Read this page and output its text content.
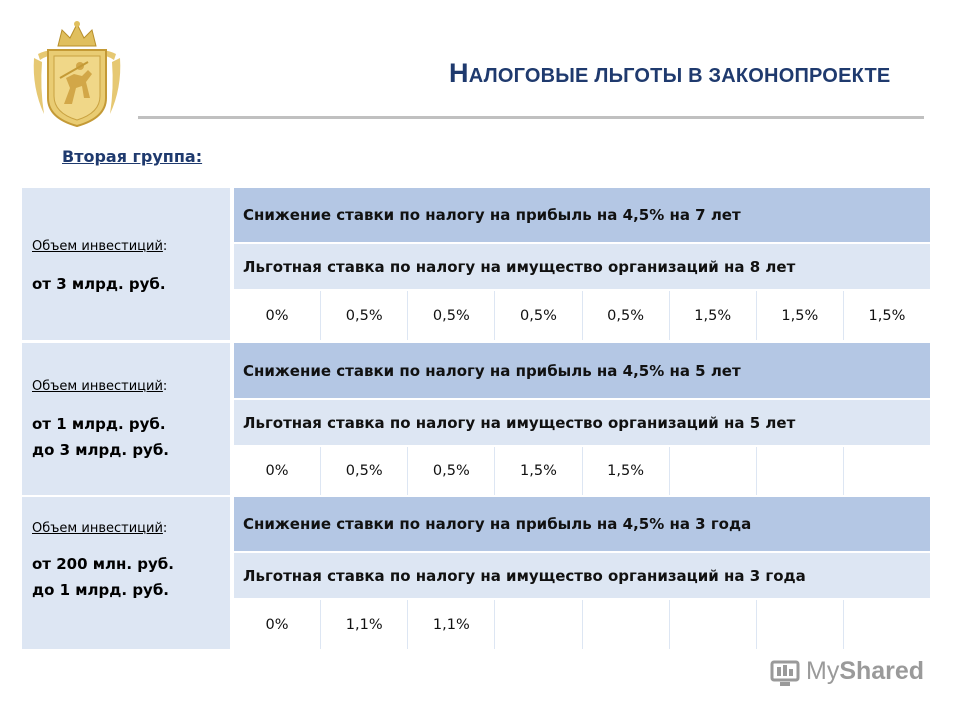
НАЛОГОВЫЕ ЛЬГОТЫ В ЗАКОНОПРОЕКТЕ
Вторая группа:
Объем инвестиций:
от 3 млрд. руб.
Снижение ставки по налогу на прибыль на 4,5% на 7 лет
Льготная ставка по налогу на имущество организаций на 8 лет
0%	0,5%	0,5%	0,5%	0,5%	1,5%	1,5%	1,5%
Объем инвестиций:
от 1 млрд. руб.
до 3 млрд. руб.
Снижение ставки по налогу на прибыль на 4,5% на 5 лет
Льготная ставка по налогу на имущество организаций на 5 лет
0%	0,5%	0,5%	1,5%	1,5%
Объем инвестиций:
от 200 млн. руб.
до 1 млрд. руб.
Снижение ставки по налогу на прибыль на 4,5% на 3 года
Льготная ставка по налогу на имущество организаций на 3 года
0%	1,1%	1,1%
MyShared
